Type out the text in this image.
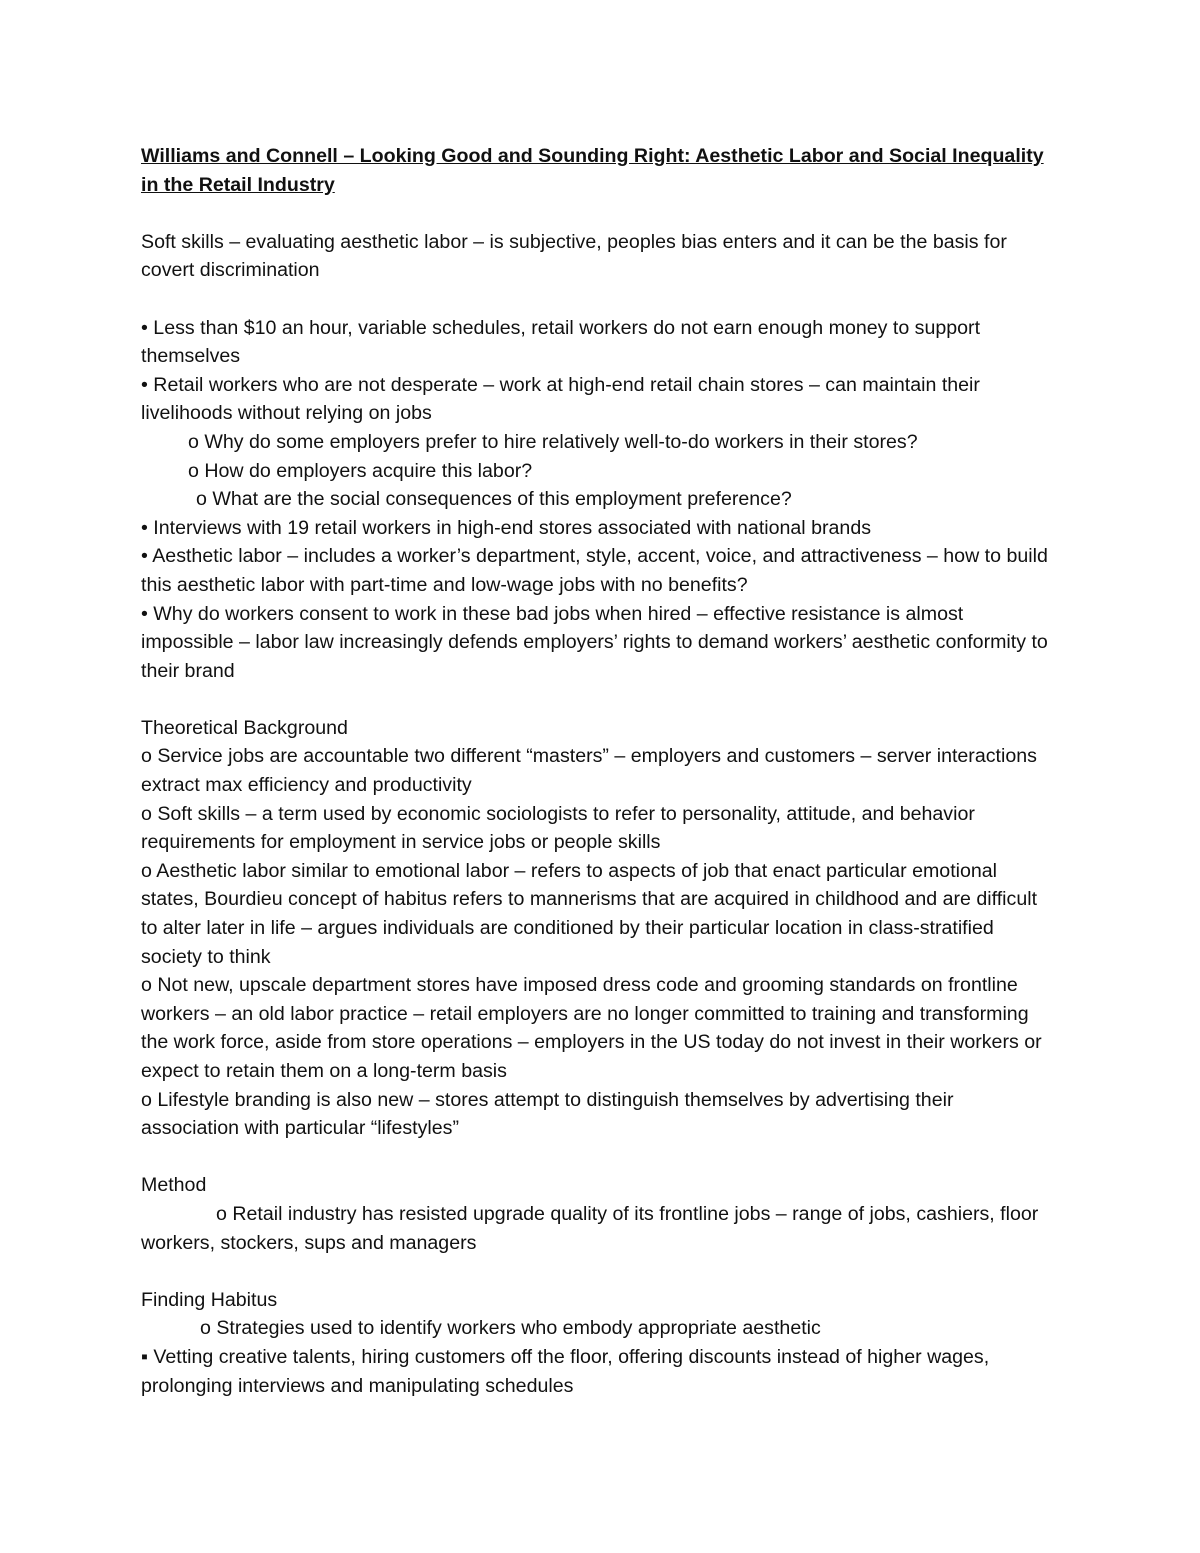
Williams and Connell – Looking Good and Sounding Right: Aesthetic Labor and Social Inequality in the Retail Industry

Soft skills – evaluating aesthetic labor – is subjective, peoples bias enters and it can be the basis for covert discrimination

• Less than $10 an hour, variable schedules, retail workers do not earn enough money to support themselves

• Retail workers who are not desperate – work at high-end retail chain stores – can maintain their livelihoods without relying on jobs

o Why do some employers prefer to hire relatively well-to-do workers in their stores?

o How do employers acquire this labor?

o What are the social consequences of this employment preference?

• Interviews with 19 retail workers in high-end stores associated with national brands

• Aesthetic labor – includes a worker’s department, style, accent, voice, and attractiveness – how to build this aesthetic labor with part-time and low-wage jobs with no benefits?

• Why do workers consent to work in these bad jobs when hired – effective resistance is almost impossible – labor law increasingly defends employers’ rights to demand workers’ aesthetic conformity to their brand

Theoretical Background

o Service jobs are accountable two different “masters” – employers and customers – server interactions extract max efficiency and productivity

o Soft skills – a term used by economic sociologists to refer to personality, attitude, and behavior requirements for employment in service jobs or people skills

o Aesthetic labor similar to emotional labor – refers to aspects of job that enact particular emotional states, Bourdieu concept of habitus refers to mannerisms that are acquired in childhood and are difficult to alter later in life – argues individuals are conditioned by their particular location in class-stratified society to think

o Not new, upscale department stores have imposed dress code and grooming standards on frontline workers – an old labor practice – retail employers are no longer committed to training and transforming the work force, aside from store operations – employers in the US today do not invest in their workers or expect to retain them on a long-term basis

o Lifestyle branding is also new – stores attempt to distinguish themselves by advertising their association with particular “lifestyles”

Method

o Retail industry has resisted upgrade quality of its frontline jobs – range of jobs, cashiers, floor workers, stockers, sups and managers

Finding Habitus

o Strategies used to identify workers who embody appropriate aesthetic

▪ Vetting creative talents, hiring customers off the floor, offering discounts instead of higher wages, prolonging interviews and manipulating schedules
